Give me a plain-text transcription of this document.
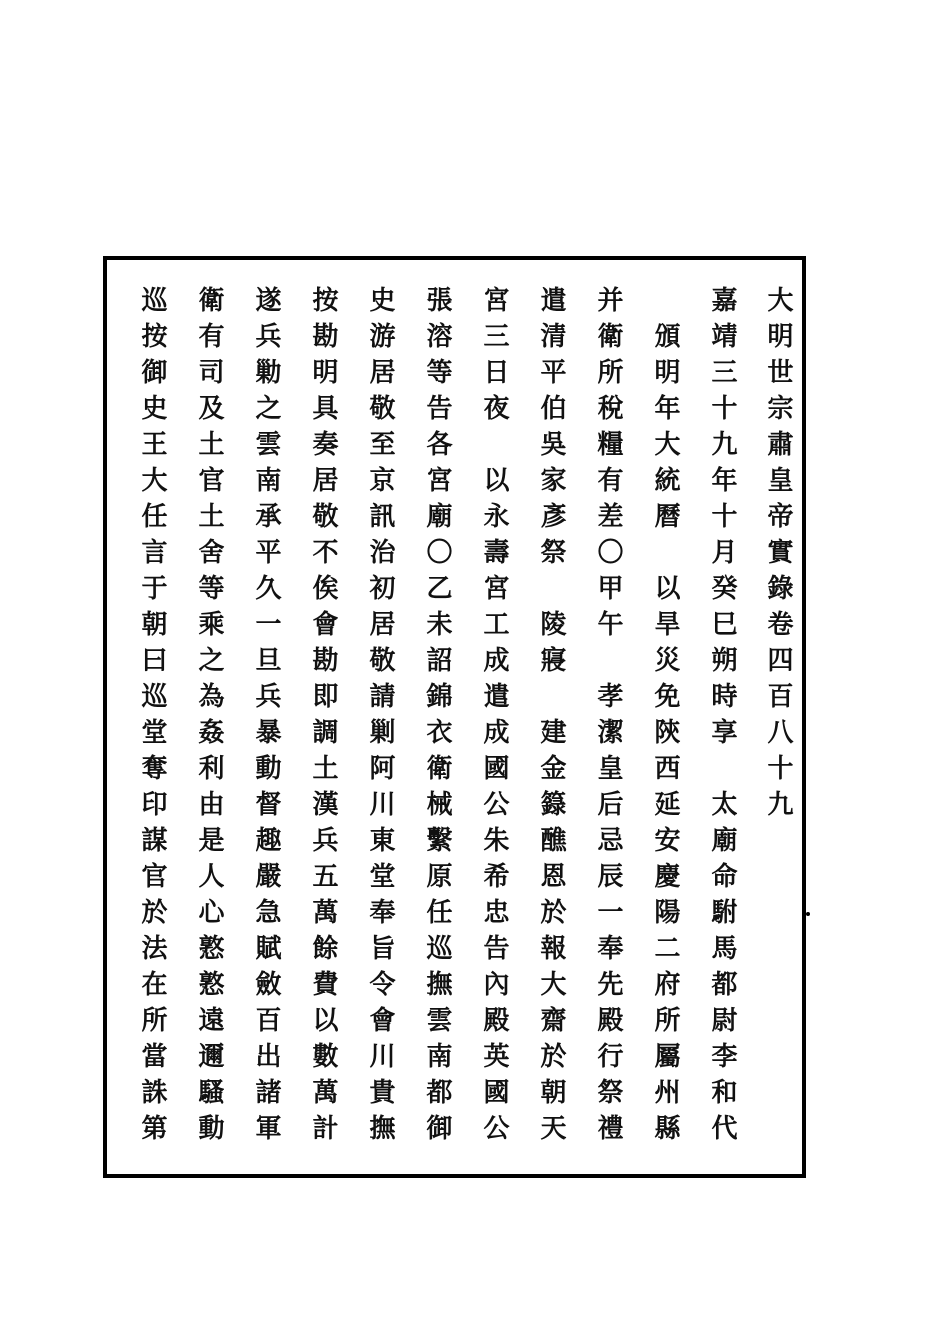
大明世宗肅皇帝實錄卷四百八十九
嘉靖三十九年十月癸巳朔時享　太廟命駙馬都尉李和代
　頒明年大統曆　以旱災免陝西延安慶陽二府所屬州縣
并衛所稅糧有差〇甲午　孝潔皇后忌辰一奉先殿行祭禮
遣清平伯吳家彥祭　陵寢　建金籙醮恩於報大齋於朝天
宮三日夜　以永壽宮工成遣成國公朱希忠告內殿英國公
張溶等告各宮廟〇乙未詔錦衣衛械繫原任巡撫雲南都御
史游居敬至京訊治初居敬請剿阿川東堂奉旨令會川貴撫
按勘明具奏居敬不俟會勘即調土漢兵五萬餘費以數萬計
遂兵勦之雲南承平久一旦兵暴動督趣嚴急賦斂百出諸軍
衛有司及土官土舍等乘之為姦利由是人心憝憝遠邇騷動
巡按御史王大任言于朝曰巡堂奪印謀官於法在所當誅第
